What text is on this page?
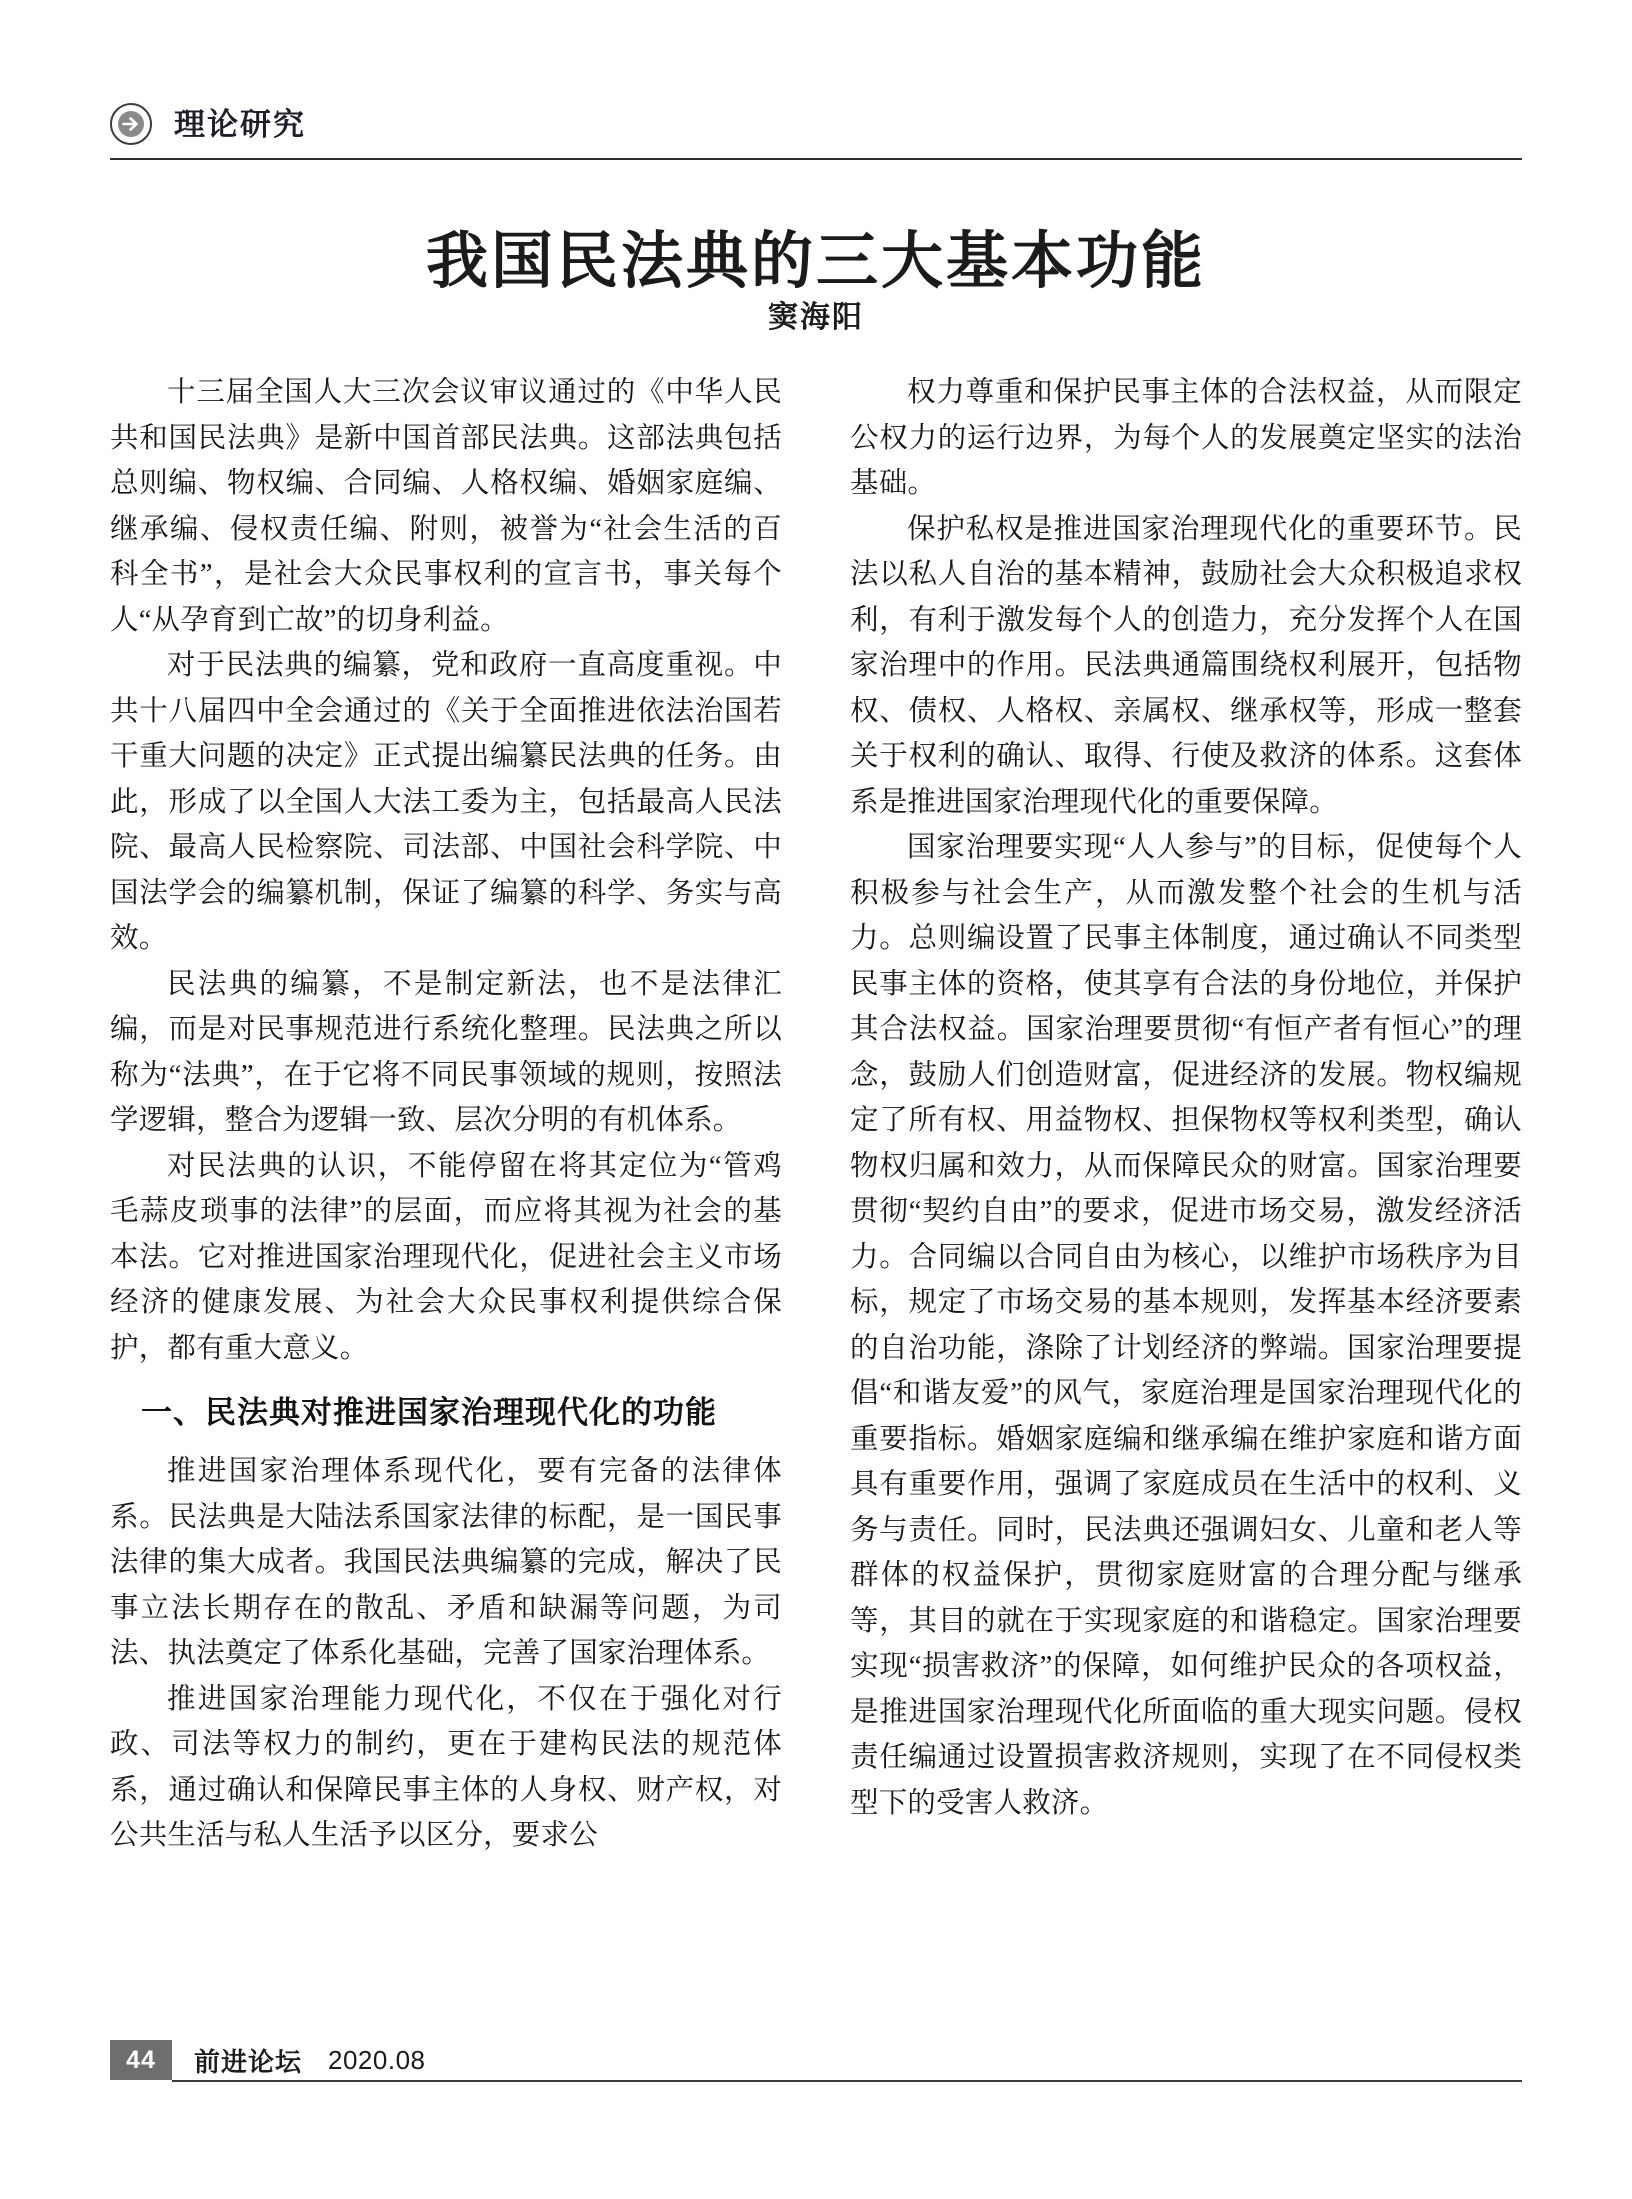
理论研究
我国民法典的三大基本功能
窦海阳

十三届全国人大三次会议审议通过的《中华人民共和国民法典》是新中国首部民法典。这部法典包括总则编、物权编、合同编、人格权编、婚姻家庭编、继承编、侵权责任编、附则，被誉为“社会生活的百科全书”，是社会大众民事权利的宣言书，事关每个人“从孕育到亡故”的切身利益。

对于民法典的编纂，党和政府一直高度重视。中共十八届四中全会通过的《关于全面推进依法治国若干重大问题的决定》正式提出编纂民法典的任务。由此，形成了以全国人大法工委为主，包括最高人民法院、最高人民检察院、司法部、中国社会科学院、中国法学会的编纂机制，保证了编纂的科学、务实与高效。

民法典的编纂，不是制定新法，也不是法律汇编，而是对民事规范进行系统化整理。民法典之所以称为“法典”，在于它将不同民事领域的规则，按照法学逻辑，整合为逻辑一致、层次分明的有机体系。

对民法典的认识，不能停留在将其定位为“管鸡毛蒜皮琐事的法律”的层面，而应将其视为社会的基本法。它对推进国家治理现代化，促进社会主义市场经济的健康发展、为社会大众民事权利提供综合保护，都有重大意义。

一、民法典对推进国家治理现代化的功能

推进国家治理体系现代化，要有完备的法律体系。民法典是大陆法系国家法律的标配，是一国民事法律的集大成者。我国民法典编纂的完成，解决了民事立法长期存在的散乱、矛盾和缺漏等问题，为司法、执法奠定了体系化基础，完善了国家治理体系。

推进国家治理能力现代化，不仅在于强化对行政、司法等权力的制约，更在于建构民法的规范体系，通过确认和保障民事主体的人身权、财产权，对公共生活与私人生活予以区分，要求公

权力尊重和保护民事主体的合法权益，从而限定公权力的运行边界，为每个人的发展奠定坚实的法治基础。

保护私权是推进国家治理现代化的重要环节。民法以私人自治的基本精神，鼓励社会大众积极追求权利，有利于激发每个人的创造力，充分发挥个人在国家治理中的作用。民法典通篇围绕权利展开，包括物权、债权、人格权、亲属权、继承权等，形成一整套关于权利的确认、取得、行使及救济的体系。这套体系是推进国家治理现代化的重要保障。

国家治理要实现“人人参与”的目标，促使每个人积极参与社会生产，从而激发整个社会的生机与活力。总则编设置了民事主体制度，通过确认不同类型民事主体的资格，使其享有合法的身份地位，并保护其合法权益。国家治理要贯彻“有恒产者有恒心”的理念，鼓励人们创造财富，促进经济的发展。物权编规定了所有权、用益物权、担保物权等权利类型，确认物权归属和效力，从而保障民众的财富。国家治理要贯彻“契约自由”的要求，促进市场交易，激发经济活力。合同编以合同自由为核心，以维护市场秩序为目标，规定了市场交易的基本规则，发挥基本经济要素的自治功能，涤除了计划经济的弊端。国家治理要提倡“和谐友爱”的风气，家庭治理是国家治理现代化的重要指标。婚姻家庭编和继承编在维护家庭和谐方面具有重要作用，强调了家庭成员在生活中的权利、义务与责任。同时，民法典还强调妇女、儿童和老人等群体的权益保护，贯彻家庭财富的合理分配与继承等，其目的就在于实现家庭的和谐稳定。国家治理要实现“损害救济”的保障，如何维护民众的各项权益，是推进国家治理现代化所面临的重大现实问题。侵权责任编通过设置损害救济规则，实现了在不同侵权类型下的受害人救济。

44	前进论坛 2020.08
